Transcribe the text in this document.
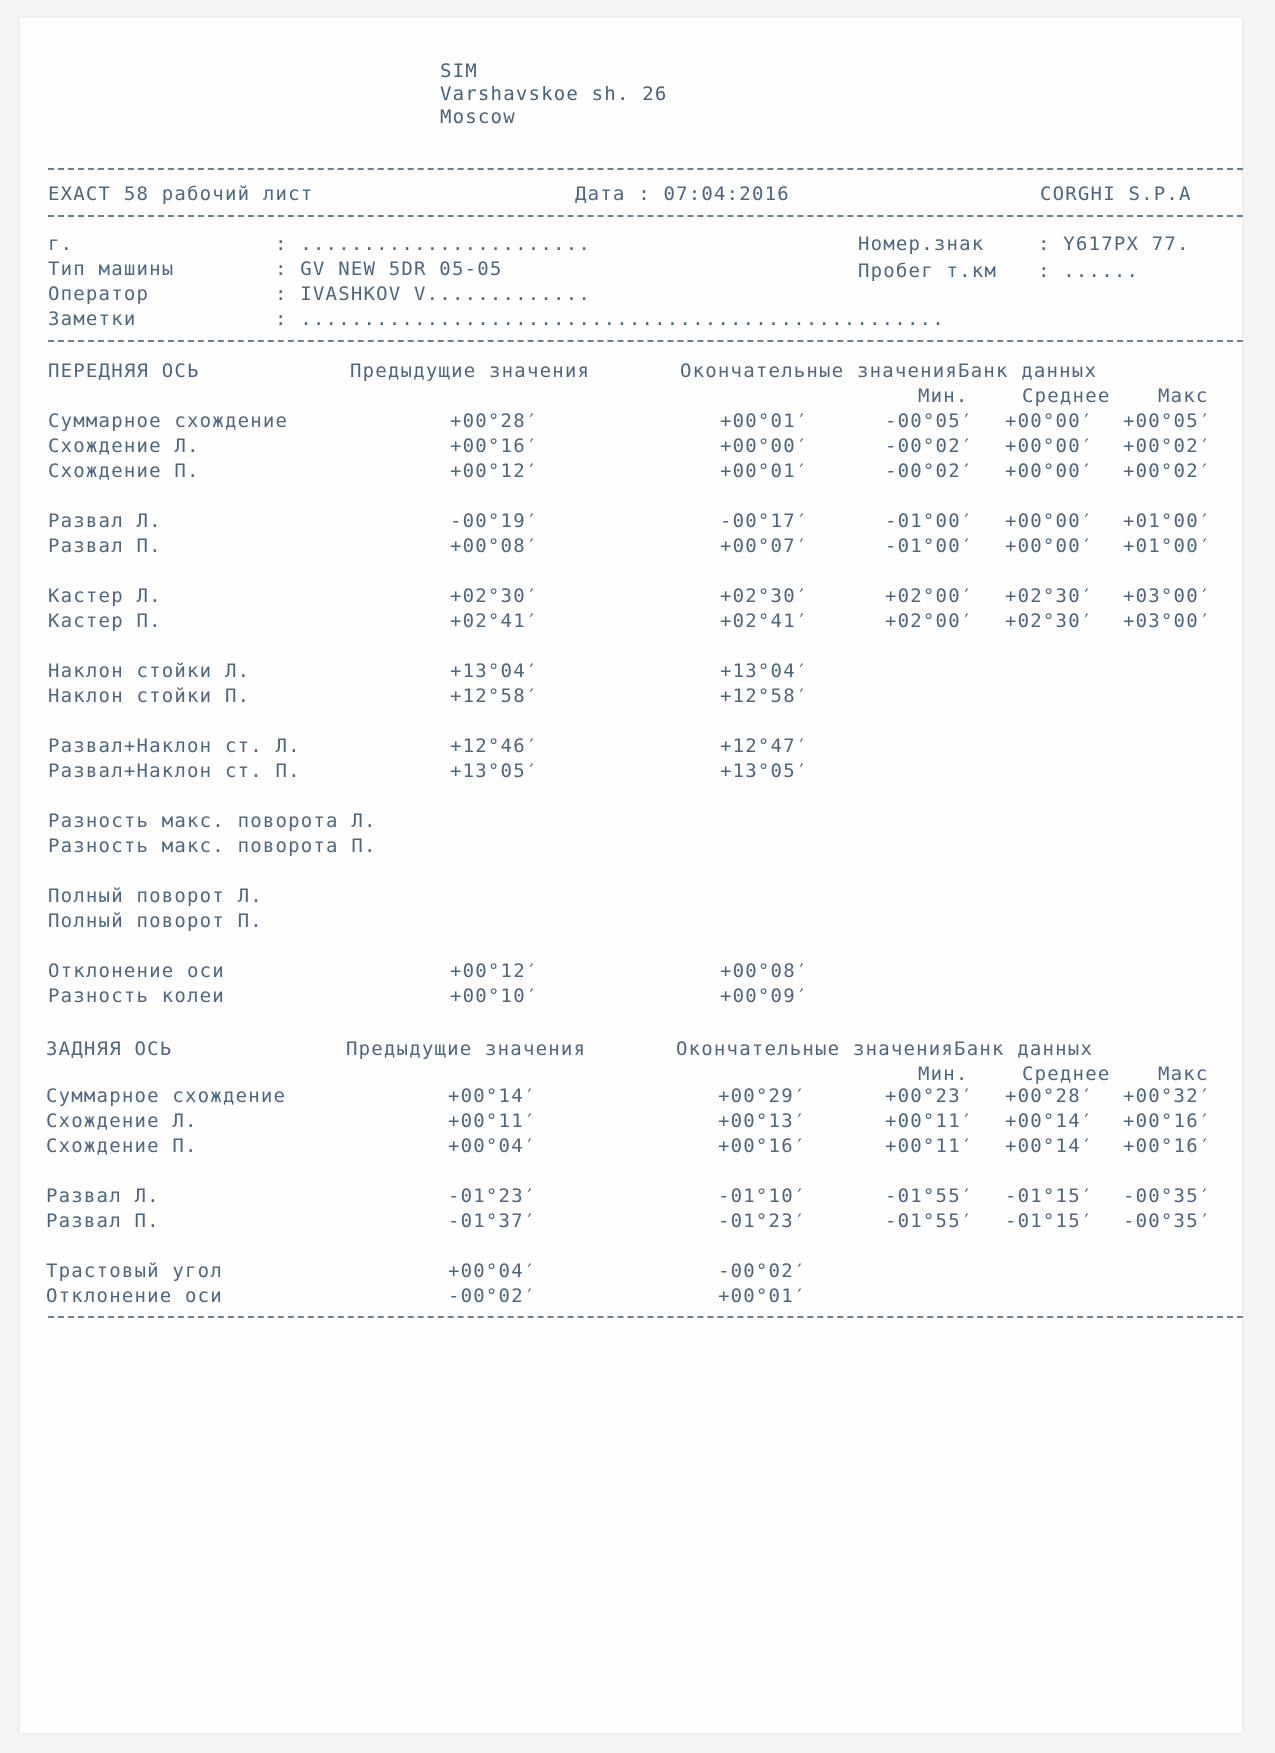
SIM
Varshavskoe sh. 26
Moscow
EXACT 58 рабочий лист	Дата : 07:04:2016	CORGHI S.P.A
г.	: .......................
Тип машины	: GV NEW 5DR 05-05
Оператор	: IVASHKOV V.............
Заметки	: ...................................................
Номер.знак	: Y617PX 77.
Пробег т.км : ......
ПЕРЕДНЯЯ ОСЬ	Предыдущие значения	Окончательные значенияБанк данных
Мин.	Среднее	Макс
Суммарное схождение	+00°28′	+00°01′	-00°05′ +00°00′ +00°05′
Схождение Л.	+00°16′	+00°00′	-00°02′ +00°00′ +00°02′
Схождение П.	+00°12′	+00°01′	-00°02′ +00°00′ +00°02′
Развал Л.	-00°19′	-00°17′	-01°00′ +00°00′ +01°00′
Развал П.	+00°08′	+00°07′	-01°00′ +00°00′ +01°00′
Кастер Л.	+02°30′	+02°30′	+02°00′ +02°30′ +03°00′
Кастер П.	+02°41′	+02°41′	+02°00′ +02°30′ +03°00′
Наклон стойки Л.	+13°04′	+13°04′
Наклон стойки П.	+12°58′	+12°58′
Развал+Наклон ст. Л.	+12°46′	+12°47′
Развал+Наклон ст. П.	+13°05′	+13°05′
Разность макс. поворота Л.
Разность макс. поворота П.
Полный поворот Л.
Полный поворот П.
Отклонение оси	+00°12′	+00°08′
Разность колеи	+00°10′	+00°09′
ЗАДНЯЯ ОСЬ	Предыдущие значения	Окончательные значенияБанк данных
Мин.	Среднее	Макс
Суммарное схождение	+00°14′	+00°29′	+00°23′ +00°28′ +00°32′
Схождение Л.	+00°11′	+00°13′	+00°11′ +00°14′ +00°16′
Схождение П.	+00°04′	+00°16′	+00°11′ +00°14′ +00°16′
Развал Л.	-01°23′	-01°10′	-01°55′ -01°15′ -00°35′
Развал П.	-01°37′	-01°23′	-01°55′ -01°15′ -00°35′
Трастовый угол	+00°04′	-00°02′
Отклонение оси	-00°02′	+00°01′
